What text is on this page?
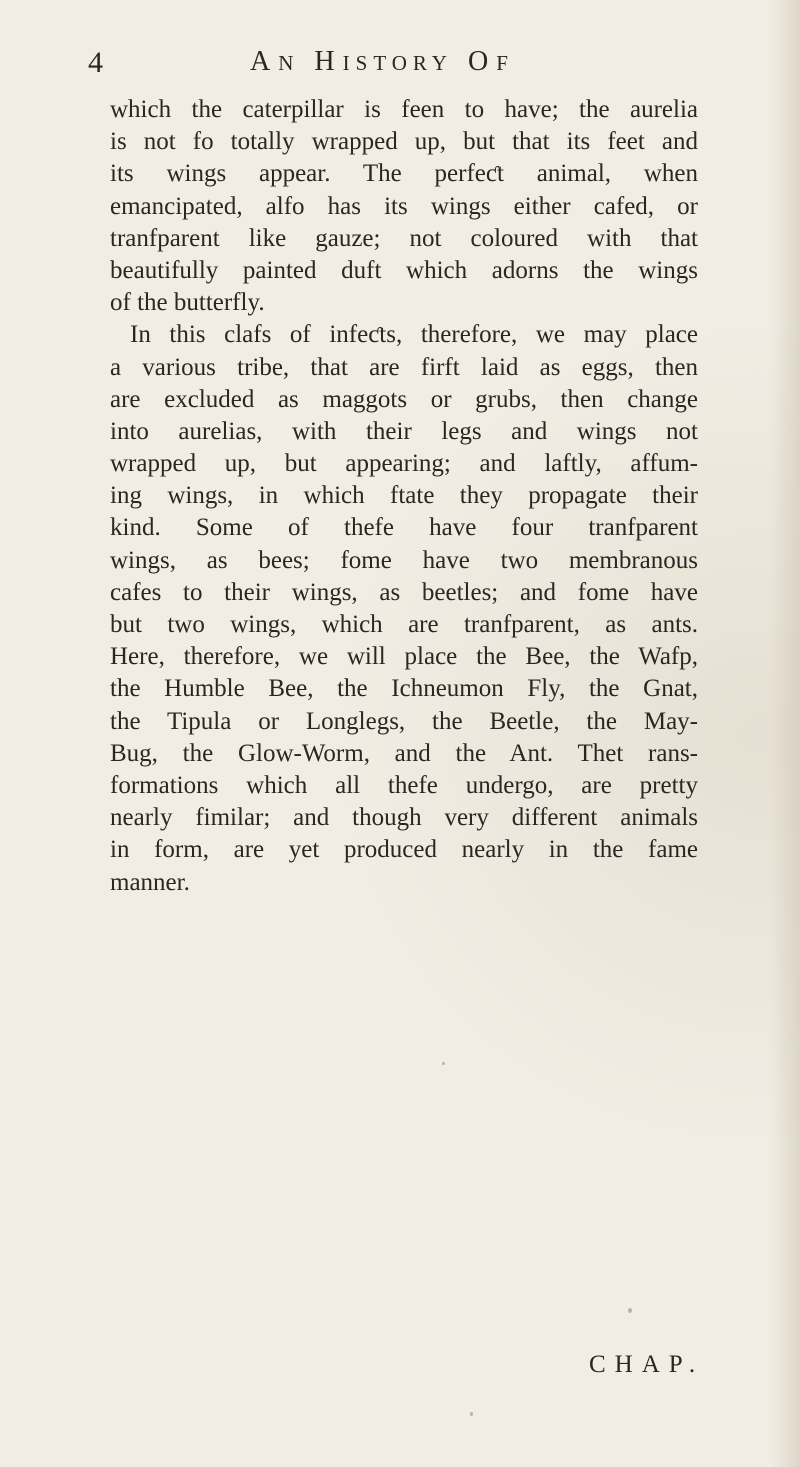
4	AN HISTORY OF
which the caterpillar is feen to have; the aurelia
is not fo totally wrapped up, but that its feet and
its wings appear. The perfeƈt animal, when
emancipated, alfo has its wings either cafed, or
tranfparent like gauze; not coloured with that
beautifully painted duft which adorns the wings
of the butterfly.
In this clafs of infeƈts, therefore, we may place
a various tribe, that are firft laid as eggs, then
are excluded as maggots or grubs, then change
into aurelias, with their legs and wings not
wrapped up, but appearing; and laftly, affum-
ing wings, in which ftate they propagate their
kind. Some of thefe have four tranfparent
wings, as bees; fome have two membranous
cafes to their wings, as beetles; and fome have
but two wings, which are tranfparent, as ants.
Here, therefore, we will place the Bee, the Wafp,
the Humble Bee, the Ichneumon Fly, the Gnat,
the Tipula or Longlegs, the Beetle, the May-
Bug, the Glow-Worm, and the Ant. Thet rans-
formations which all thefe undergo, are pretty
nearly fimilar; and though very different animals
in form, are yet produced nearly in the fame
manner.
CHAP.
